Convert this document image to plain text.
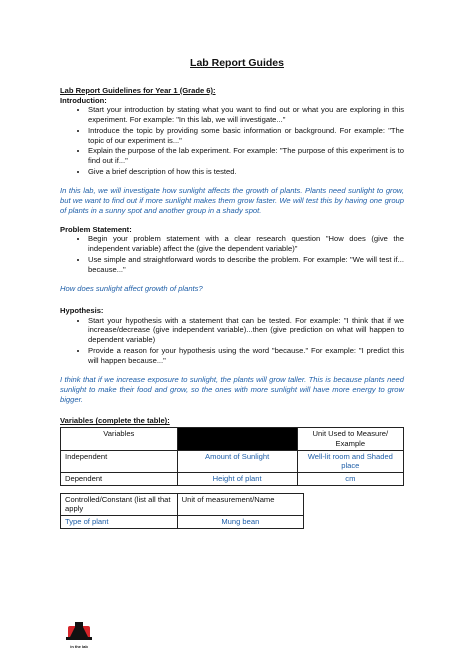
Lab Report Guides
Lab Report Guidelines for Year 1 (Grade 6):
Introduction:
• Start your introduction by stating what you want to find out or what you are exploring in this experiment. For example: "In this lab, we will investigate..."
• Introduce the topic by providing some basic information or background. For example: "The topic of our experiment is..."
• Explain the purpose of the lab experiment. For example: "The purpose of this experiment is to find out if..."
• Give a brief description of how this is tested.
In this lab, we will investigate how sunlight affects the growth of plants. Plants need sunlight to grow, but we want to find out if more sunlight makes them grow faster. We will test this by having one group of plants in a sunny spot and another group in a shady spot.
Problem Statement:
• Begin your problem statement with a clear research question "How does (give the independent variable) affect the (give the dependent variable)"
• Use simple and straightforward words to describe the problem. For example: "We will test if... because..."
How does sunlight affect growth of plants?
Hypothesis:
• Start your hypothesis with a statement that can be tested. For example: "I think that if we increase/decrease (give independent variable)...then (give prediction on what will happen to dependent variable)
• Provide a reason for your hypothesis using the word "because." For example: "I predict this will happen because..."
I think that if we increase exposure to sunlight, the plants will grow taller. This is because plants need sunlight to make their food and grow, so the ones with more sunlight will have more energy to grow bigger.
Variables (complete the table):
Variables		Unit Used to Measure/ Example
Independent	Amount of Sunlight	Well-lit room and Shaded place
Dependent	Height of plant	cm
Controlled/Constant (list all that apply	Unit of measurement/Name
Type of plant	Mung bean
in the lab
